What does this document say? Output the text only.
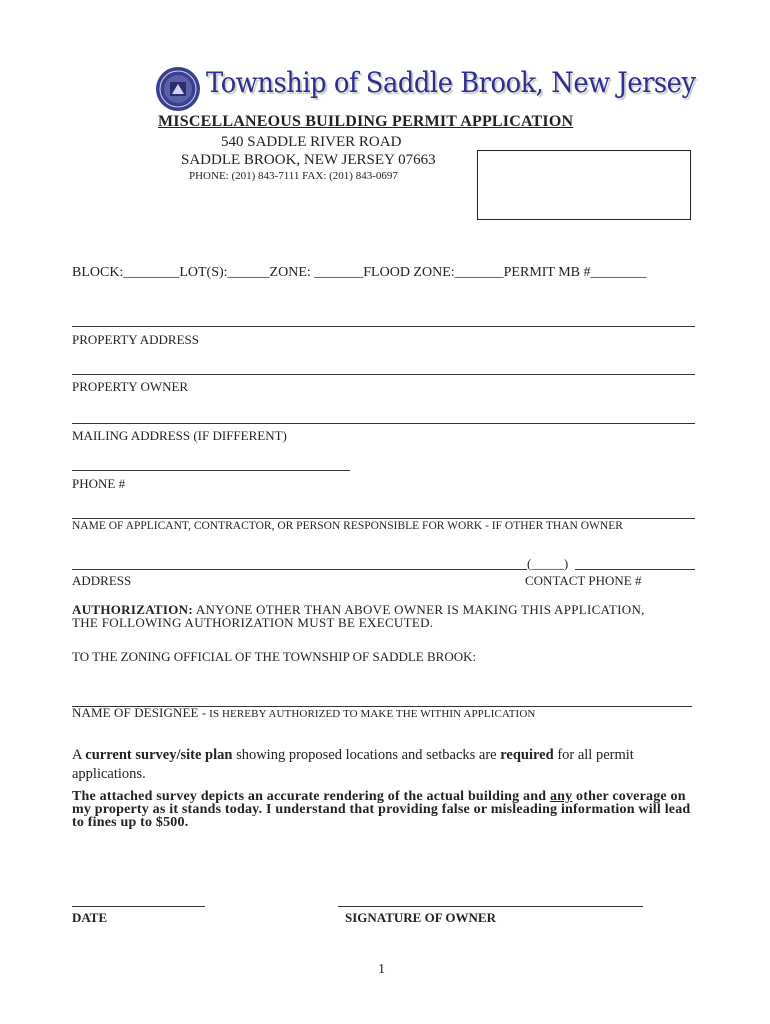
Township of Saddle Brook, New Jersey
MISCELLANEOUS BUILDING PERMIT APPLICATION
540 SADDLE RIVER ROAD
SADDLE BROOK, NEW JERSEY 07663
PHONE: (201) 843-7111 FAX: (201) 843-0697
BLOCK:________LOT(S):______ZONE: _______FLOOD ZONE:_______PERMIT MB #________
PROPERTY ADDRESS
PROPERTY OWNER
MAILING ADDRESS (IF DIFFERENT)
PHONE #
NAME OF APPLICANT, CONTRACTOR, OR PERSON RESPONSIBLE FOR WORK - IF OTHER THAN OWNER
(_____)
ADDRESS	CONTACT PHONE #
AUTHORIZATION: ANYONE OTHER THAN ABOVE OWNER IS MAKING THIS APPLICATION,
THE FOLLOWING AUTHORIZATION MUST BE EXECUTED.
TO THE ZONING OFFICIAL OF THE TOWNSHIP OF SADDLE BROOK:
NAME OF DESIGNEE - IS HEREBY AUTHORIZED TO MAKE THE WITHIN APPLICATION
A current survey/site plan showing proposed locations and setbacks are required for all permit applications.
The attached survey depicts an accurate rendering of the actual building and any other coverage on my property as it stands today. I understand that providing false or misleading information will lead to fines up to $500.
DATE	SIGNATURE OF OWNER
1
